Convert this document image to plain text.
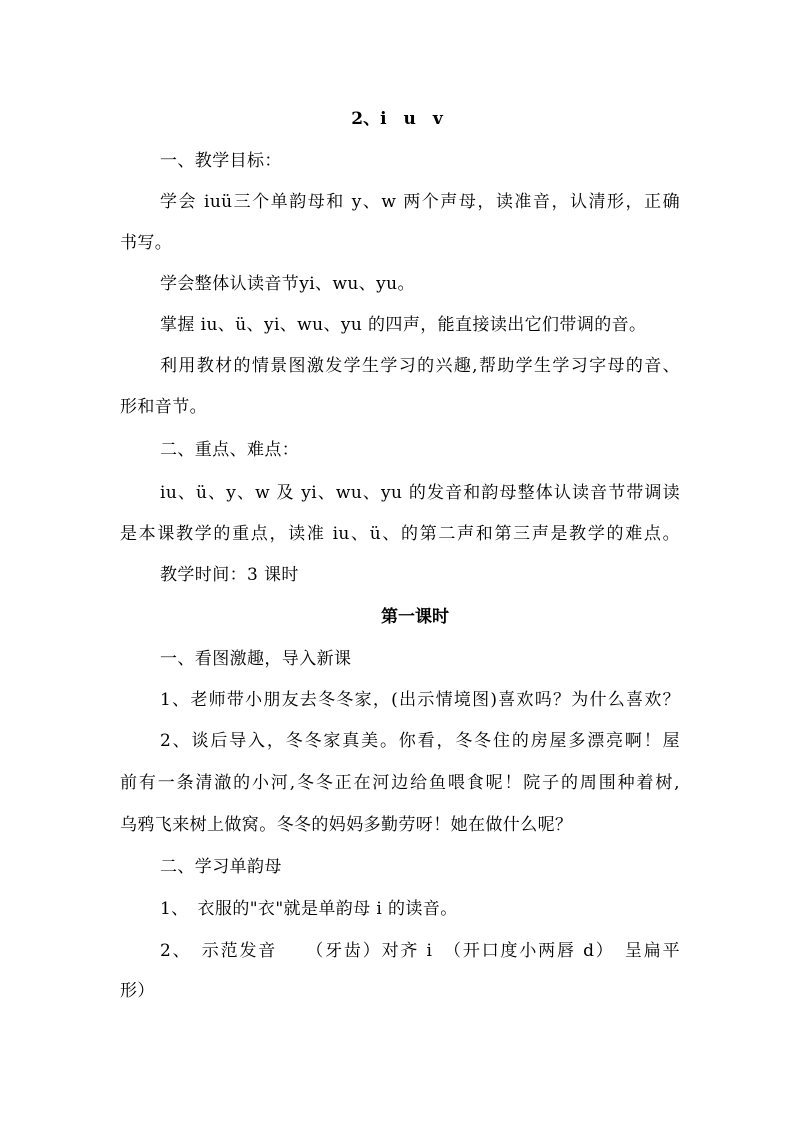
2、i　u　v
一、教学目标：
学会 iuü三个单韵母和 y、w 两个声母，读准音，认清形，正确
书写。
学会整体认读音节yi、wu、yu。
掌握 iu、ü、yi、wu、yu 的四声，能直接读出它们带调的音。
利用教材的情景图激发学生学习的兴趣,帮助学生学习字母的音、
形和音节。
二、重点、难点：
iu、ü、y、w 及 yi、wu、yu 的发音和韵母整体认读音节带调读
是本课教学的重点，读准 iu、ü、的第二声和第三声是教学的难点。
教学时间：3 课时
第一课时
一、看图激趣，导入新课
1、老师带小朋友去冬冬家，(出示情境图)喜欢吗？为什么喜欢？
2、谈后导入，冬冬家真美。你看，冬冬住的房屋多漂亮啊！屋
前有一条清澈的小河,冬冬正在河边给鱼喂食呢！院子的周围种着树,
乌鸦飞来树上做窝。冬冬的妈妈多勤劳呀！她在做什么呢？
二、学习单韵母
1、　衣服的"衣"就是单韵母 i 的读音。
2、　示范发音　　（牙齿）对齐 i　（开口度小两唇 d）　呈扁平
形）
